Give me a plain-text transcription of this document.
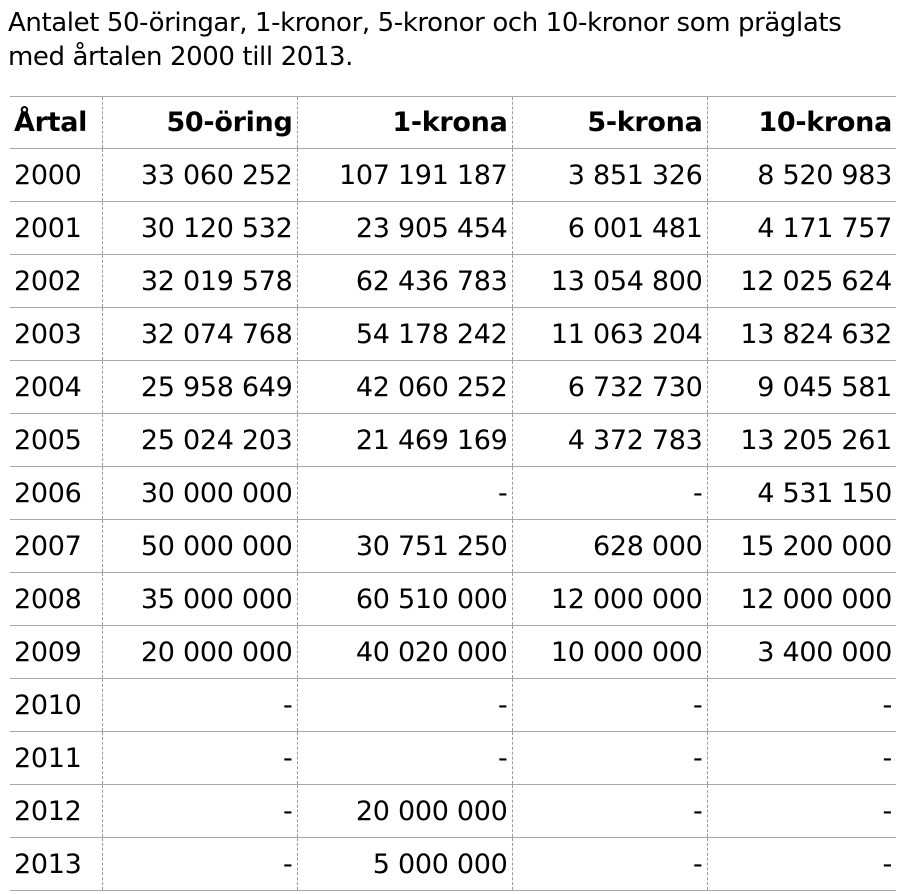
Antalet 50-öringar, 1-kronor, 5-kronor och 10-kronor som präglats
med årtalen 2000 till 2013.
Årtal	50-öring	1-krona	5-krona	10-krona
2000	33 060 252	107 191 187	3 851 326	8 520 983
2001	30 120 532	23 905 454	6 001 481	4 171 757
2002	32 019 578	62 436 783	13 054 800	12 025 624
2003	32 074 768	54 178 242	11 063 204	13 824 632
2004	25 958 649	42 060 252	6 732 730	9 045 581
2005	25 024 203	21 469 169	4 372 783	13 205 261
2006	30 000 000	-	-	4 531 150
2007	50 000 000	30 751 250	628 000	15 200 000
2008	35 000 000	60 510 000	12 000 000	12 000 000
2009	20 000 000	40 020 000	10 000 000	3 400 000
2010	-	-	-	-
2011	-	-	-	-
2012	-	20 000 000	-	-
2013	-	5 000 000	-	-
